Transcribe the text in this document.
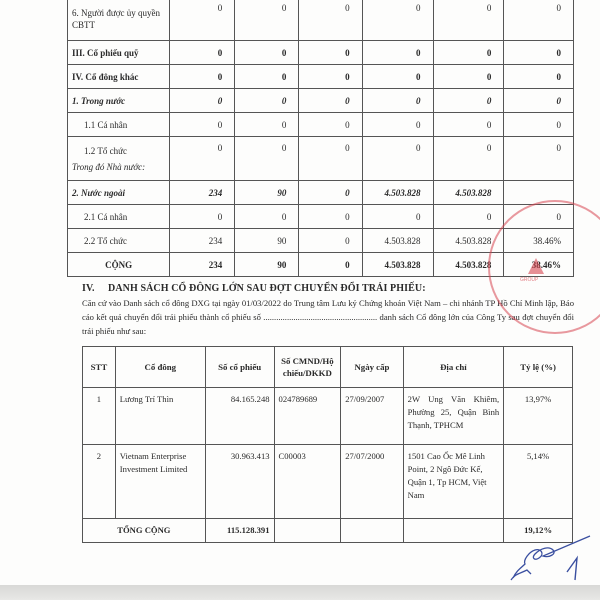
6. Người được ủy quyền CBTT	0	0	0	0	0	0
III. Cổ phiếu quỹ	0	0	0	0	0	0
IV. Cổ đông khác	0	0	0	0	0	0
1. Trong nước	0	0	0	0	0	0
1.1 Cá nhân	0	0	0	0	0	0
1.2 Tổ chức
Trong đó Nhà nước:	0	0	0	0	0	0
2. Nước ngoài	234	90	0	4.503.828	4.503.828	
2.1 Cá nhân	0	0	0	0	0	0
2.2 Tổ chức	234	90	0	4.503.828	4.503.828	38.46%
CỘNG	234	90	0	4.503.828	4.503.828	38.46%
IV. DANH SÁCH CỔ ĐÔNG LỚN SAU ĐỢT CHUYỂN ĐỔI TRÁI PHIẾU:
Căn cứ vào Danh sách cổ đông DXG tại ngày 01/03/2022 do Trung tâm Lưu ký Chứng khoán Việt Nam – chi nhánh TP Hồ Chí Minh lập, Báo cáo kết quả chuyển đổi trái phiếu thành cổ phiếu số ..................................................... danh sách Cổ đông lớn của Công Ty sau đợt chuyển đổi trái phiếu như sau:
STT	Cổ đông	Số cổ phiếu	Số CMND/Hộ chiếu/DKKD	Ngày cấp	Địa chỉ	Tỷ lệ (%)
1	Lương Trí Thìn	84.165.248	024789689	27/09/2007	2W Ung Văn Khiêm, Phường 25, Quận Bình Thạnh, TPHCM	13,97%
2	Vietnam Enterprise Investment Limited	30.963.413	C00003	27/07/2000	1501 Cao Ốc Mê Linh Point, 2 Ngô Đức Kế, Quận 1, Tp HCM, Việt Nam	5,14%
TỔNG CỘNG		115.128.391				19,12%
GROUP
